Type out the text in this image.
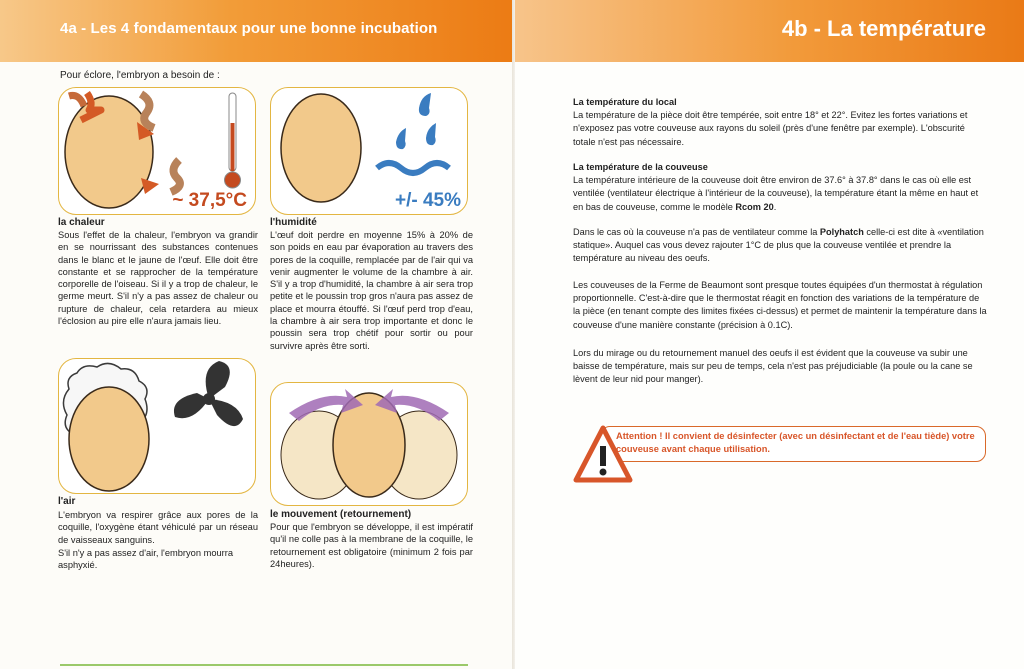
4a - Les 4 fondamentaux pour une bonne incubation
Pour éclore, l'embryon a besoin de :
~ 37,5°C	+/- 45%
la chaleur
Sous l'effet de la chaleur, l'embryon va grandir en se nourrissant des substances contenues dans le blanc et le jaune de l'œuf. Elle doit être constante et se rapprocher de la température corporelle de l'oiseau. Si il y a trop de chaleur, le germe meurt. S'il n'y a pas assez de chaleur ou rupture de chaleur, cela retardera au mieux l'éclosion au pire elle n'aura jamais lieu.
l'humidité
L'œuf doit perdre en moyenne 15% à 20% de son poids en eau par évaporation au travers des pores de la coquille, remplacée par de l'air qui va venir augmenter le volume de la chambre à air. S'il y a trop d'humidité, la chambre à air sera trop petite et le poussin trop gros n'aura pas assez de place et mourra étouffé. Si l'œuf perd trop d'eau, la chambre à air sera trop importante et donc le poussin sera trop chétif pour sortir ou pour survivre après être sorti.
l'air
L'embryon va respirer grâce aux pores de la coquille, l'oxygène étant véhiculé par un réseau de vaisseaux sanguins.
S'il n'y a pas assez d'air, l'embryon mourra asphyxié.
le mouvement (retournement)
Pour que l'embryon se développe, il est impératif qu'il ne colle pas à la membrane de la coquille, le retournement est obligatoire (minimum 2 fois par 24heures).
4b - La température
La température du local
La température de la pièce doit être tempérée, soit entre 18° et 22°. Evitez les fortes variations et n'exposez pas votre couveuse aux rayons du soleil (près d'une fenêtre par exemple). L'obscurité totale n'est pas nécessaire.
La température de la couveuse
La température intérieure de la couveuse doit être environ de 37.6° à 37.8° dans le cas où elle est ventilée (ventilateur électrique à l'intérieur de la couveuse), la température étant la même en haut et en bas de couveuse, comme le modèle Rcom 20.
Dans le cas où la couveuse n'a pas de ventilateur comme la Polyhatch celle-ci est dite à «ventilation statique». Auquel cas vous devez rajouter 1°C de plus que la couveuse ventilée et prendre la température au niveau des oeufs.
Les couveuses de la Ferme de Beaumont sont presque toutes équipées d'un thermostat à régulation proportionnelle. C'est-à-dire que le thermostat réagit en fonction des variations de la température de la pièce (en tenant compte des limites fixées ci-dessus) et permet de maintenir la température dans la couveuse d'une manière constante (précision à 0.1C).
Lors du mirage ou du retournement manuel des oeufs il est évident que la couveuse va subir une baisse de température, mais sur peu de temps, cela n'est pas préjudiciable (la poule ou la cane se lèvent de leur nid pour manger).
Attention ! Il convient de désinfecter (avec un désinfectant et de l'eau tiède) votre couveuse avant chaque utilisation.
